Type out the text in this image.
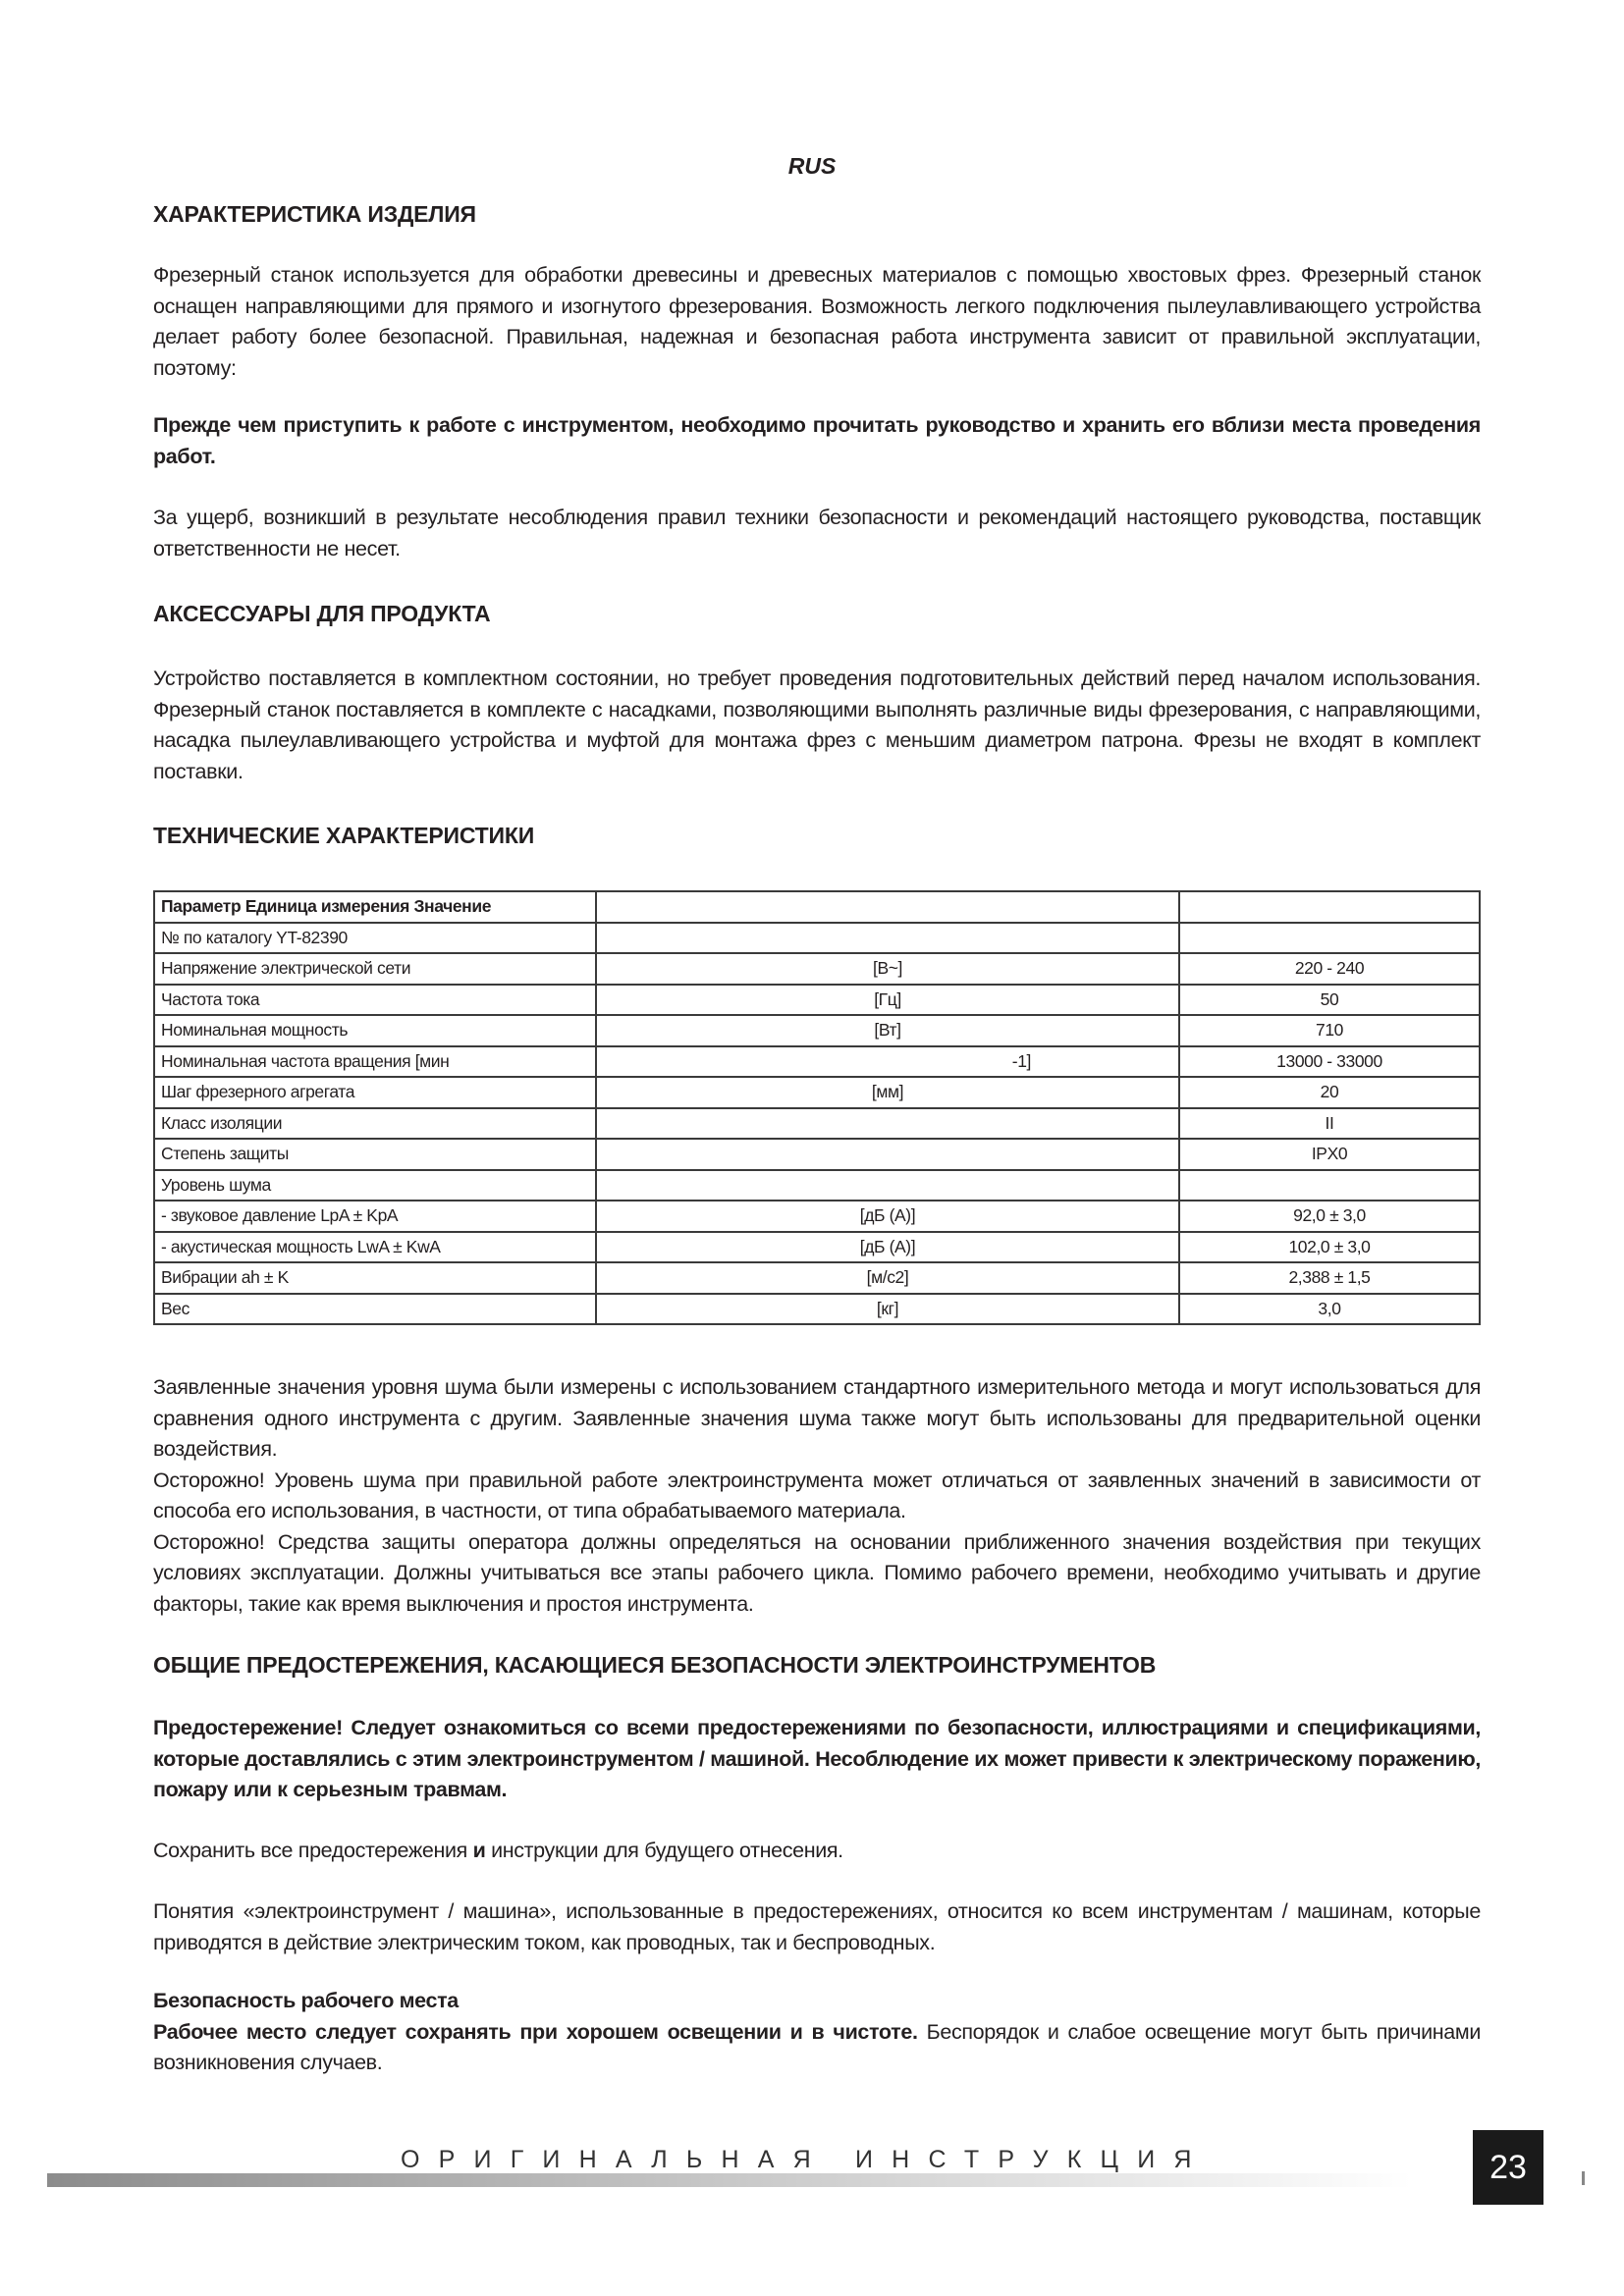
RUS
ХАРАКТЕРИСТИКА ИЗДЕЛИЯ

Фрезерный станок используется для обработки древесины и древесных материалов с помощью хвостовых фрез. Фрезерный станок оснащен направляющими для прямого и изогнутого фрезерования. Возможность легкого подключения пылеулавливающего устройства делает работу более безопасной. Правильная, надежная и безопасная работа инструмента зависит от правильной эксплуатации, поэтому:

Прежде чем приступить к работе с инструментом, необходимо прочитать руководство и хранить его вблизи места проведения работ.

За ущерб, возникший в результате несоблюдения правил техники безопасности и рекомендаций настоящего руководства, поставщик ответственности не несет.

АКСЕССУАРЫ ДЛЯ ПРОДУКТА

Устройство поставляется в комплектном состоянии, но требует проведения подготовительных действий перед началом использования. Фрезерный станок поставляется в комплекте с насадками, позволяющими выполнять различные виды фрезерования, с направляющими, насадка пылеулавливающего устройства и муфтой для монтажа фрез с меньшим диаметром патрона. Фрезы не входят в комплект поставки.

ТЕХНИЧЕСКИЕ ХАРАКТЕРИСТИКИ
Параметр Единица измерения Значение		
№ по каталогу YT-82390		
Напряжение электрической сети	[В~]	220 - 240
Частота тока	[Гц]	50
Номинальная мощность	[Вт]	710
Номинальная частота вращения [мин	-1]	13000 - 33000
Шаг фрезерного агрегата	[мм]	20
Класс изоляции		II
Степень защиты		IPX0
Уровень шума		
- звуковое давление LpA ± KpA	[дБ (A)]	92,0 ± 3,0
- акустическая мощность LwA ± KwA	[дБ (A)]	102,0 ± 3,0
Вибрации ah ± K	[м/с2]	2,388 ± 1,5
Вес	[кг]	3,0

Заявленные значения уровня шума были измерены с использованием стандартного измерительного метода и могут использоваться для сравнения одного инструмента с другим. Заявленные значения шума также могут быть использованы для предварительной оценки воздействия.

Осторожно! Уровень шума при правильной работе электроинструмента может отличаться от заявленных значений в зависимости от способа его использования, в частности, от типа обрабатываемого материала.

Осторожно! Средства защиты оператора должны определяться на основании приближенного значения воздействия при текущих условиях эксплуатации. Должны учитываться все этапы рабочего цикла. Помимо рабочего времени, необходимо учитывать и другие факторы, такие как время выключения и простоя инструмента.

ОБЩИЕ ПРЕДОСТЕРЕЖЕНИЯ, КАСАЮЩИЕСЯ БЕЗОПАСНОСТИ ЭЛЕКТРОИНСТРУМЕНТОВ

Предостережение! Следует ознакомиться со всеми предостережениями по безопасности, иллюстрациями и спецификациями, которые доставлялись с этим электроинструментом / машиной. Несоблюдение их может привести к электрическому поражению, пожару или к серьезным травмам.

Сохранить все предостережения и инструкции для будущего отнесения.

Понятия «электроинструмент / машина», использованные в предостережениях, относится ко всем инструментам / машинам, которые приводятся в действие электрическим током, как проводных, так и беспроводных.

Безопасность рабочего места

Рабочее место следует сохранять при хорошем освещении и в чистоте. Беспорядок и слабое освещение могут быть причинами возникновения случаев.

ОРИГИНАЛЬНАЯ ИНСТРУКЦИЯ	23
